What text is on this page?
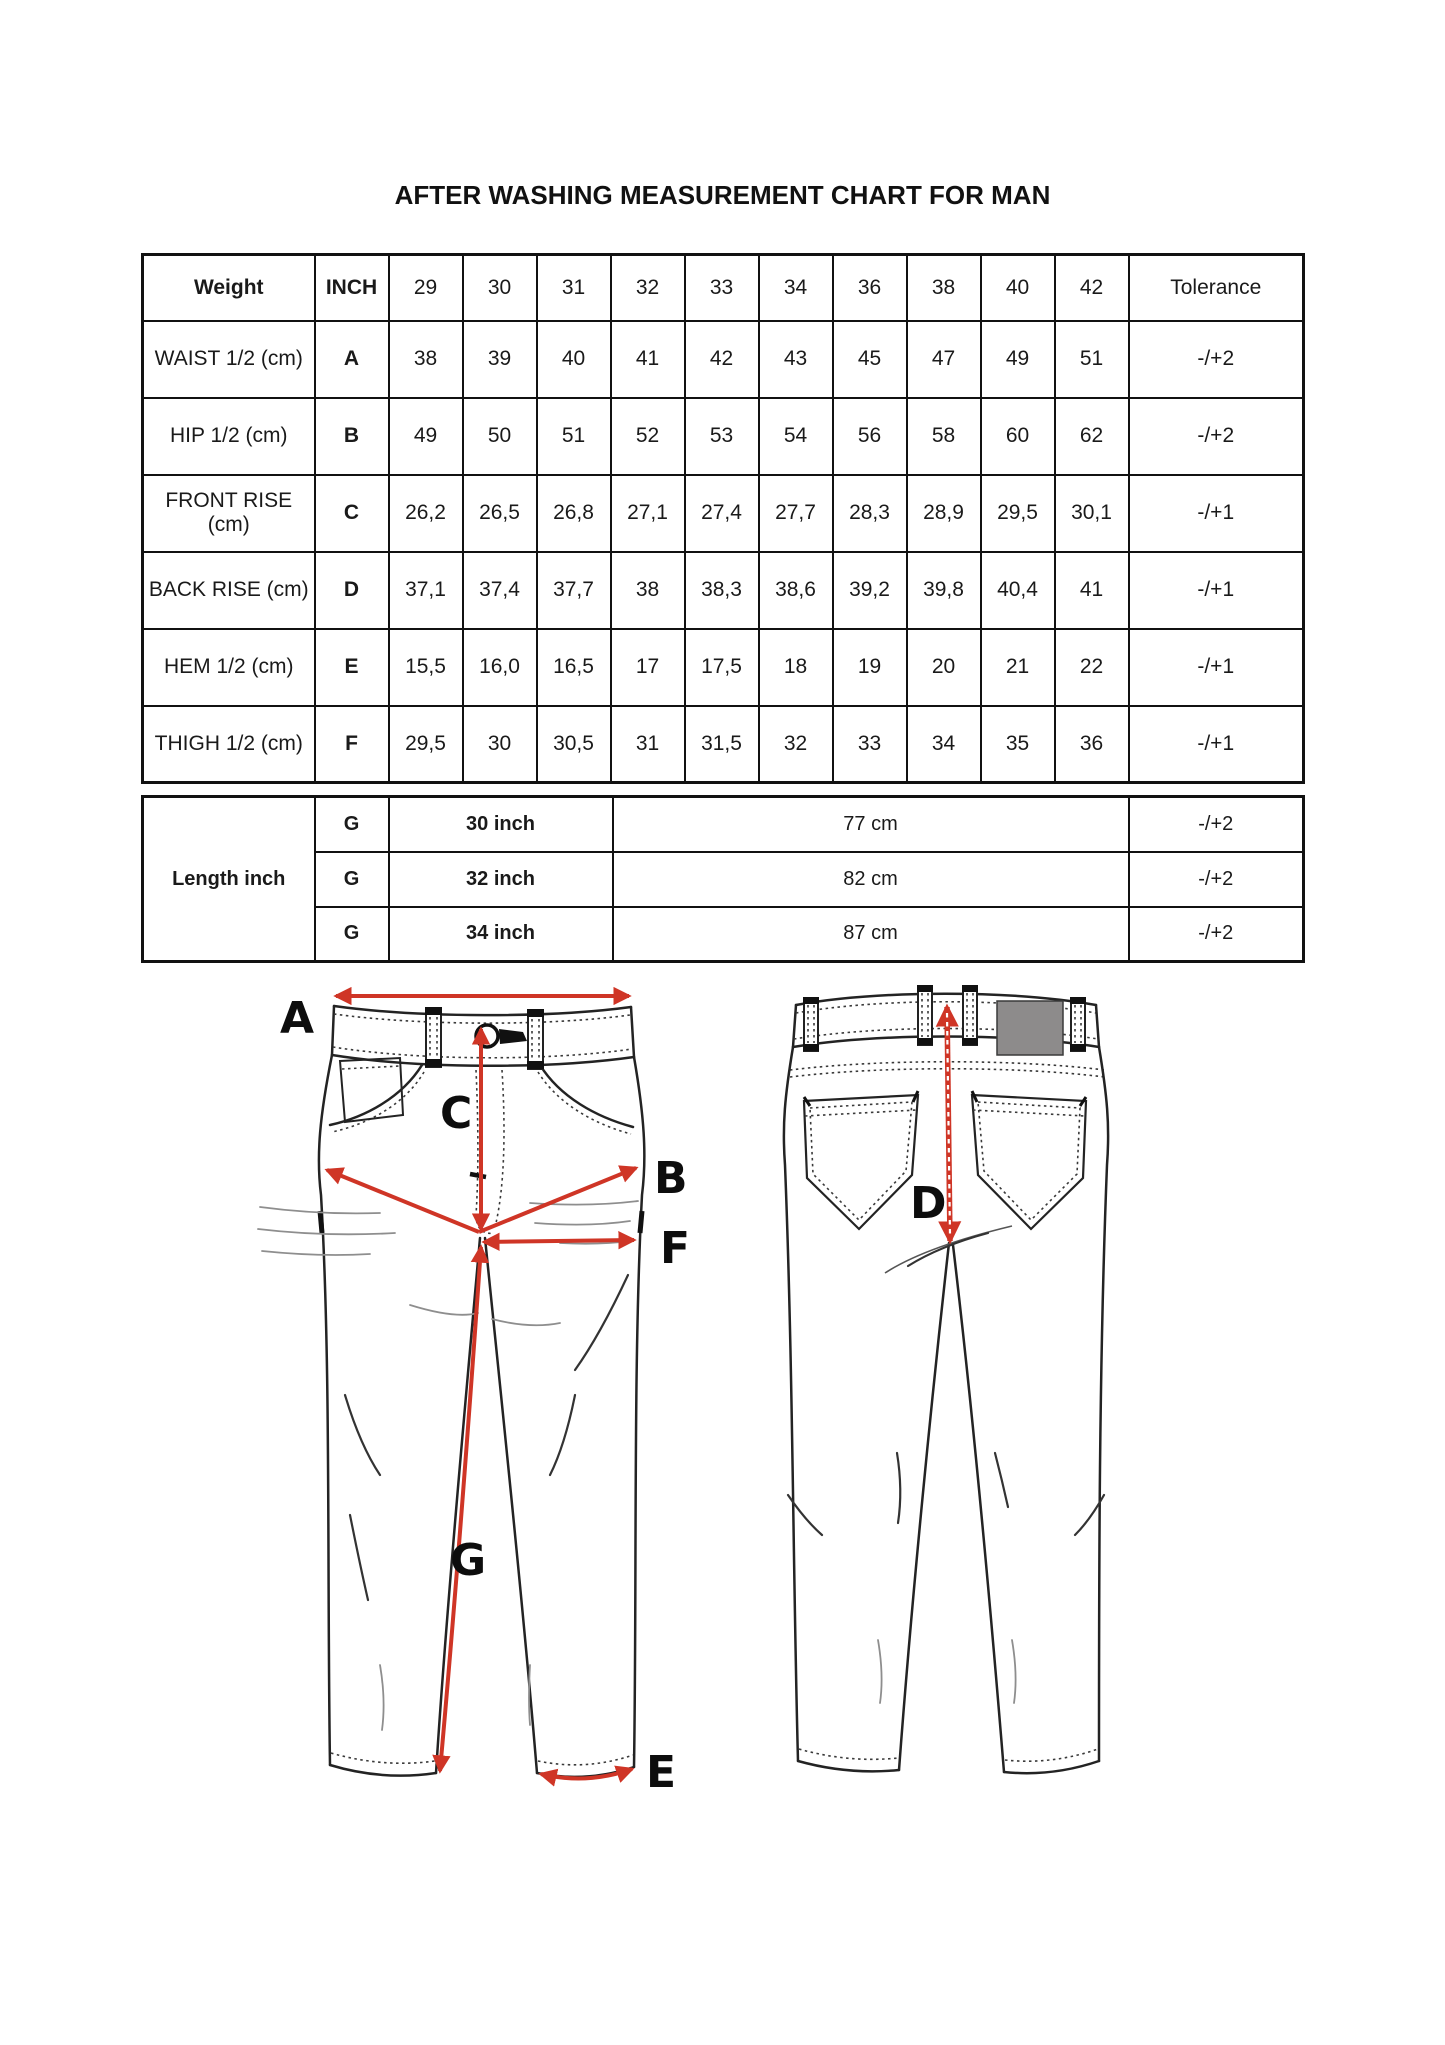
AFTER WASHING MEASUREMENT CHART FOR MAN
Weight	INCH	29	30	31	32	33	34	36	38	40	42	Tolerance
WAIST 1/2 (cm)	A	38	39	40	41	42	43	45	47	49	51	-/+2
HIP 1/2 (cm)	B	49	50	51	52	53	54	56	58	60	62	-/+2
FRONT RISE (cm)	C	26,2	26,5	26,8	27,1	27,4	27,7	28,3	28,9	29,5	30,1	-/+1
BACK RISE (cm)	D	37,1	37,4	37,7	38	38,3	38,6	39,2	39,8	40,4	41	-/+1
HEM 1/2 (cm)	E	15,5	16,0	16,5	17	17,5	18	19	20	21	22	-/+1
THIGH 1/2 (cm)	F	29,5	30	30,5	31	31,5	32	33	34	35	36	-/+1
Length inch	G	30 inch	77 cm	-/+2
	G	32 inch	82 cm	-/+2
	G	34 inch	87 cm	-/+2
A
B
C
E
F
G
D
